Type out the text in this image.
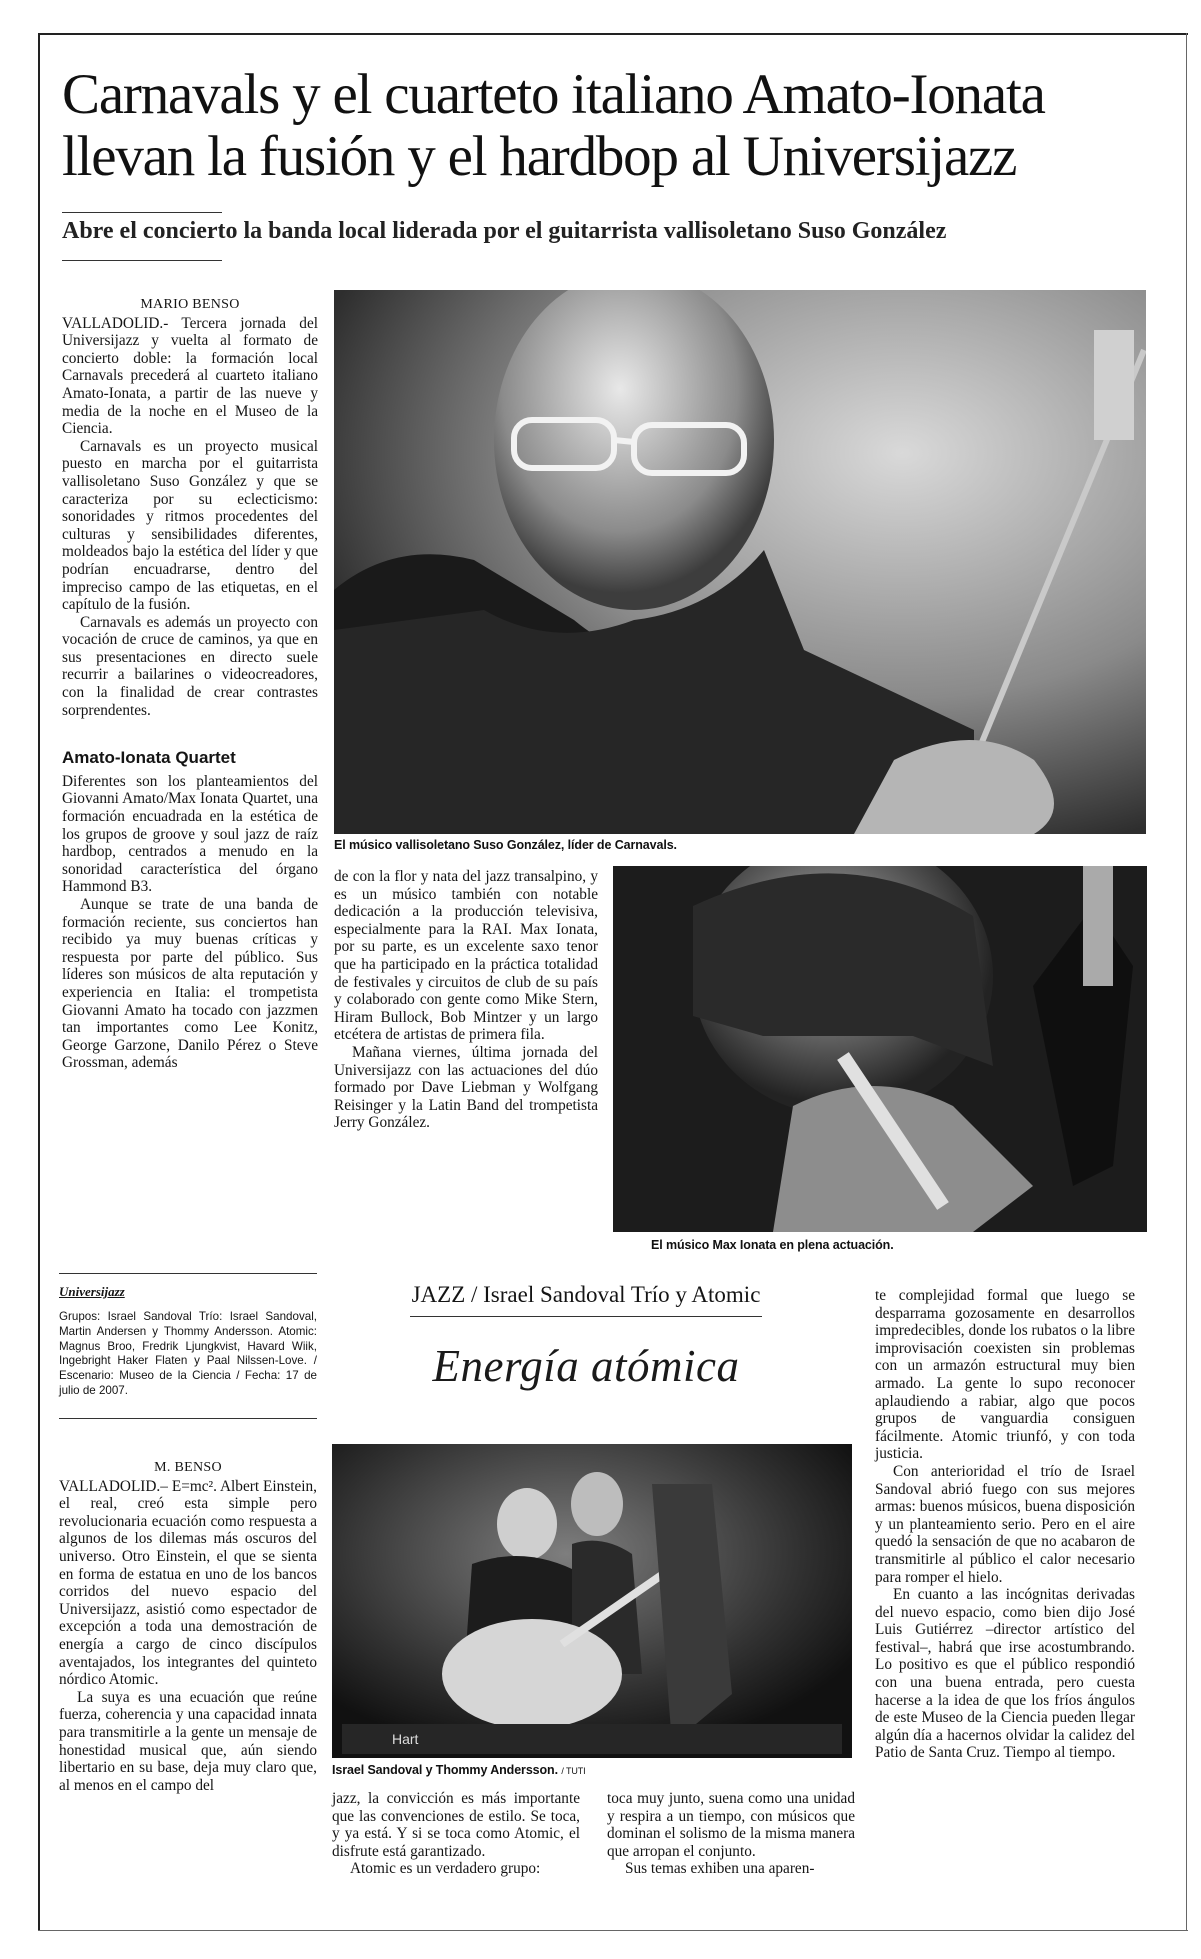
Carnavals y el cuarteto italiano Amato-Ionata llevan la fusión y el hardbop al Universijazz
Abre el concierto la banda local liderada por el guitarrista vallisoletano Suso González
MARIO BENSO

VALLADOLID.- Tercera jornada del Universijazz y vuelta al formato de concierto doble: la formación local Carnavals precederá al cuarteto italiano Amato-Ionata, a partir de las nueve y media de la noche en el Museo de la Ciencia.

Carnavals es un proyecto musical puesto en marcha por el guitarrista vallisoletano Suso González y que se caracteriza por su eclecticismo: sonoridades y ritmos procedentes del culturas y sensibilidades diferentes, moldeados bajo la estética del líder y que podrían encuadrarse, dentro del impreciso campo de las etiquetas, en el capítulo de la fusión.

Carnavals es además un proyecto con vocación de cruce de caminos, ya que en sus presentaciones en directo suele recurrir a bailarines o videocreadores, con la finalidad de crear contrastes sorprendentes.

Amato-Ionata Quartet

Diferentes son los planteamientos del Giovanni Amato/Max Ionata Quartet, una formación encuadrada en la estética de los grupos de groove y soul jazz de raíz hardbop, centrados a menudo en la sonoridad característica del órgano Hammond B3.

Aunque se trate de una banda de formación reciente, sus conciertos han recibido ya muy buenas críticas y respuesta por parte del público. Sus líderes son músicos de alta reputación y experiencia en Italia: el trompetista Giovanni Amato ha tocado con jazzmen tan importantes como Lee Konitz, George Garzone, Danilo Pérez o Steve Grossman, además

El músico vallisoletano Suso González, líder de Carnavals.

de con la flor y nata del jazz transalpino, y es un músico también con notable dedicación a la producción televisiva, especialmente para la RAI. Max Ionata, por su parte, es un excelente saxo tenor que ha participado en la práctica totalidad de festivales y circuitos de club de su país y colaborado con gente como Mike Stern, Hiram Bullock, Bob Mintzer y un largo etcétera de artistas de primera fila.

Mañana viernes, última jornada del Universijazz con las actuaciones del dúo formado por Dave Liebman y Wolfgang Reisinger y la Latin Band del trompetista Jerry González.

El músico Max Ionata en plena actuación.
Universijazz
Grupos: Israel Sandoval Trío: Israel Sandoval, Martin Andersen y Thommy Andersson. Atomic: Magnus Broo, Fredrik Ljungkvist, Havard Wiik, Ingebright Haker Flaten y Paal Nilssen-Love. / Escenario: Museo de la Ciencia / Fecha: 17 de julio de 2007.
JAZZ / Israel Sandoval Trío y Atomic
Energía atómica
Hart
Israel Sandoval y Thommy Andersson. / TUTI
M. BENSO

VALLADOLID.– E=mc². Albert Einstein, el real, creó esta simple pero revolucionaria ecuación como respuesta a algunos de los dilemas más oscuros del universo. Otro Einstein, el que se sienta en forma de estatua en uno de los bancos corridos del nuevo espacio del Universijazz, asistió como espectador de excepción a toda una demostración de energía a cargo de cinco discípulos aventajados, los integrantes del quinteto nórdico Atomic.

La suya es una ecuación que reúne fuerza, coherencia y una capacidad innata para transmitirle a la gente un mensaje de honestidad musical que, aún siendo libertario en su base, deja muy claro que, al menos en el campo del

jazz, la convicción es más importante que las convenciones de estilo. Se toca, y ya está. Y si se toca como Atomic, el disfrute está garantizado.

Atomic es un verdadero grupo:

toca muy junto, suena como una unidad y respira a un tiempo, con músicos que dominan el solismo de la misma manera que arropan el conjunto.

Sus temas exhiben una aparen-

te complejidad formal que luego se desparrama gozosamente en desarrollos impredecibles, donde los rubatos o la libre improvisación coexisten sin problemas con un armazón estructural muy bien armado. La gente lo supo reconocer aplaudiendo a rabiar, algo que pocos grupos de vanguardia consiguen fácilmente. Atomic triunfó, y con toda justicia.

Con anterioridad el trío de Israel Sandoval abrió fuego con sus mejores armas: buenos músicos, buena disposición y un planteamiento serio. Pero en el aire quedó la sensación de que no acabaron de transmitirle al público el calor necesario para romper el hielo.

En cuanto a las incógnitas derivadas del nuevo espacio, como bien dijo José Luis Gutiérrez –director artístico del festival–, habrá que irse acostumbrando. Lo positivo es que el público respondió con una buena entrada, pero cuesta hacerse a la idea de que los fríos ángulos de este Museo de la Ciencia pueden llegar algún día a hacernos olvidar la calidez del Patio de Santa Cruz. Tiempo al tiempo.
